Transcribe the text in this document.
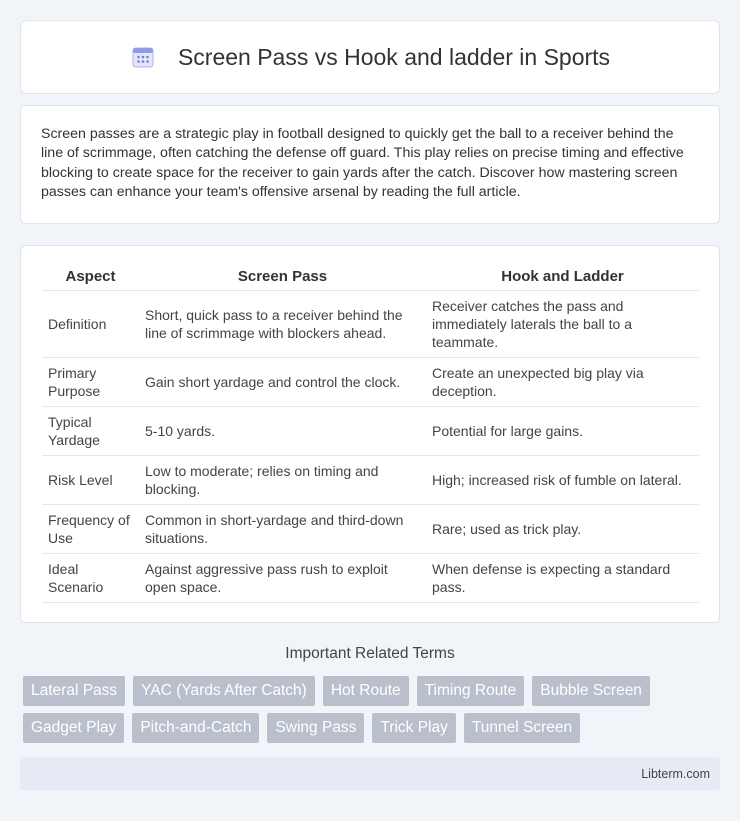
Screen Pass vs Hook and ladder in Sports

Screen passes are a strategic play in football designed to quickly get the ball to a receiver behind the line of scrimmage, often catching the defense off guard. This play relies on precise timing and effective blocking to create space for the receiver to gain yards after the catch. Discover how mastering screen passes can enhance your team's offensive arsenal by reading the full article.

Aspect	Screen Pass	Hook and Ladder
Definition	Short, quick pass to a receiver behind the line of scrimmage with blockers ahead.	Receiver catches the pass and immediately laterals the ball to a teammate.
Primary Purpose	Gain short yardage and control the clock.	Create an unexpected big play via deception.
Typical Yardage	5-10 yards.	Potential for large gains.
Risk Level	Low to moderate; relies on timing and blocking.	High; increased risk of fumble on lateral.
Frequency of Use	Common in short-yardage and third-down situations.	Rare; used as trick play.
Ideal Scenario	Against aggressive pass rush to exploit open space.	When defense is expecting a standard pass.
Important Related Terms
Lateral Pass	YAC (Yards After Catch)	Hot Route	Timing Route	Bubble Screen
Gadget Play	Pitch-and-Catch	Swing Pass	Trick Play	Tunnel Screen
Libterm.com
